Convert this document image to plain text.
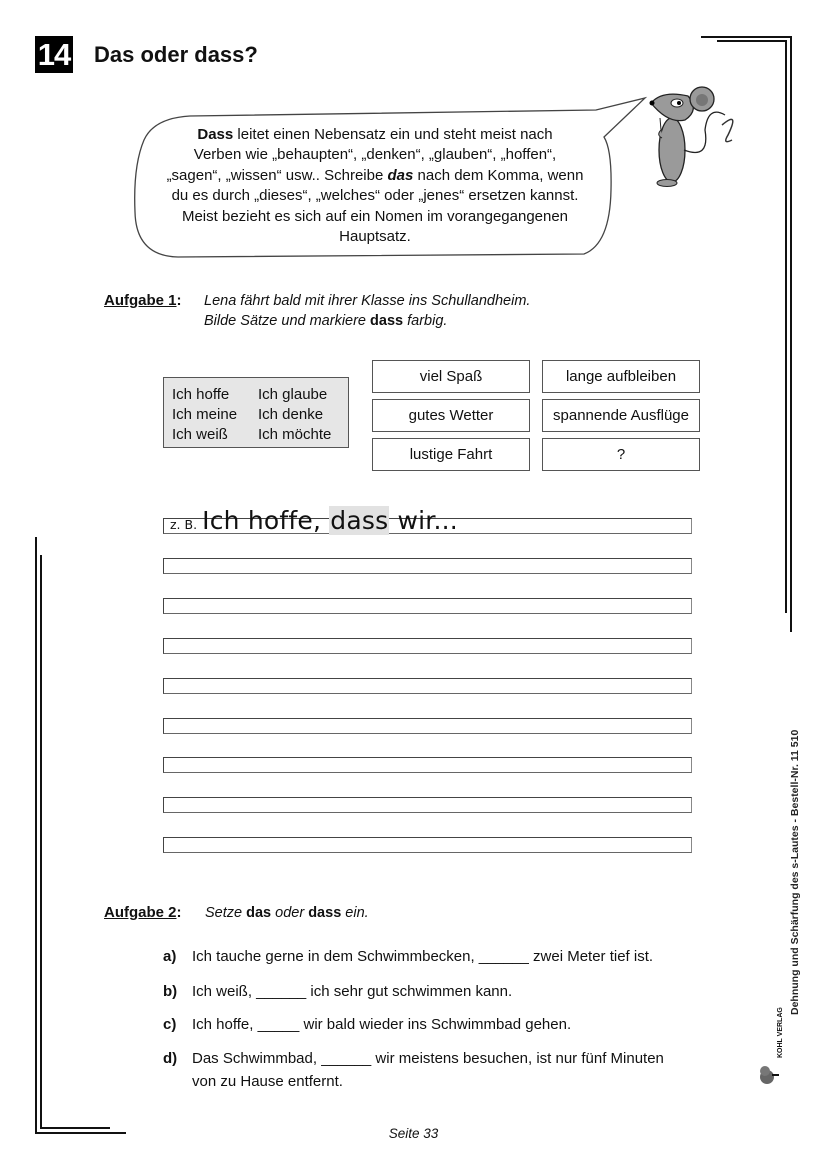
14 Das oder dass?
Dass leitet einen Nebensatz ein und steht meist nach
Verben wie „behaupten“, „denken“, „glauben“, „hoffen“,
„sagen“, „wissen“ usw.. Schreibe das nach dem Komma, wenn
du es durch „dieses“, „welches“ oder „jenes“ ersetzen kannst.
Meist bezieht es sich auf ein Nomen im vorangegangenen
Hauptsatz.
Aufgabe 1: Lena fährt bald mit ihrer Klasse ins Schullandheim.
Bilde Sätze und markiere dass farbig.
Ich hoffe	Ich glaube
Ich meine	Ich denke
Ich weiß	Ich möchte
viel Spaß	lange aufbleiben
gutes Wetter	spannende Ausflüge
lustige Fahrt	?
z. B. Ich hoffe, dass wir...
Aufgabe 2: Setze das oder dass ein.
a) Ich tauche gerne in dem Schwimmbecken, ______ zwei Meter tief ist.
b) Ich weiß, ______ ich sehr gut schwimmen kann.
c) Ich hoffe, _____ wir bald wieder ins Schwimmbad gehen.
d) Das Schwimmbad, ______ wir meistens besuchen, ist nur fünf Minuten
von zu Hause entfernt.
Dehnung und Schärfung des s-Lautes - Bestell-Nr. 11 510
KOHL VERLAG
Seite 33
